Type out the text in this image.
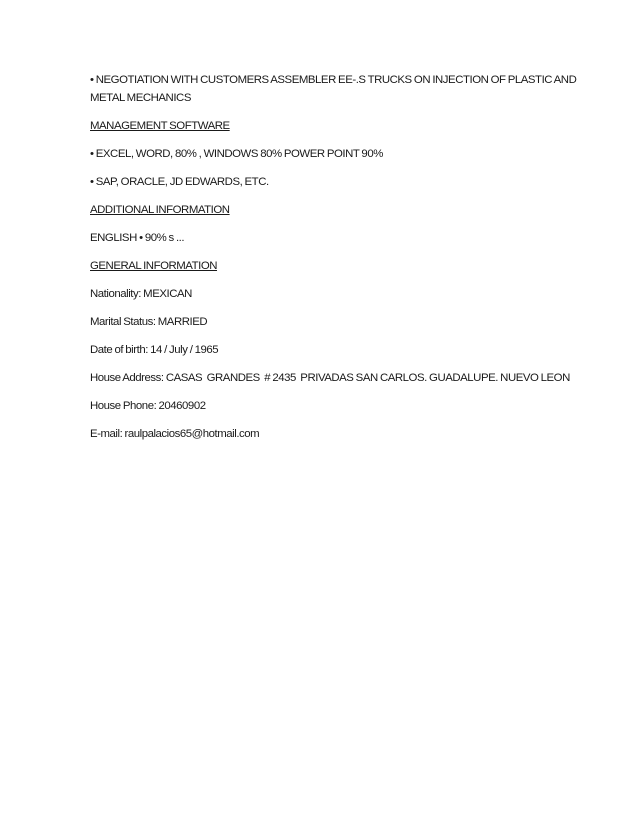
• NEGOTIATION WITH CUSTOMERS ASSEMBLER EE-.S TRUCKS ON INJECTION OF PLASTIC AND

METAL MECHANICS

MANAGEMENT SOFTWARE

• EXCEL, WORD, 80% , WINDOWS 80% POWER POINT 90%

• SAP, ORACLE, JD EDWARDS, ETC.

ADDITIONAL INFORMATION

ENGLISH • 90% s ...

GENERAL INFORMATION

Nationality: MEXICAN

Marital Status: MARRIED

Date of birth: 14 / July / 1965

House Address: CASAS  GRANDES  # 2435  PRIVADAS SAN CARLOS. GUADALUPE. NUEVO LEON

House Phone: 20460902

E-mail: raulpalacios65@hotmail.com
